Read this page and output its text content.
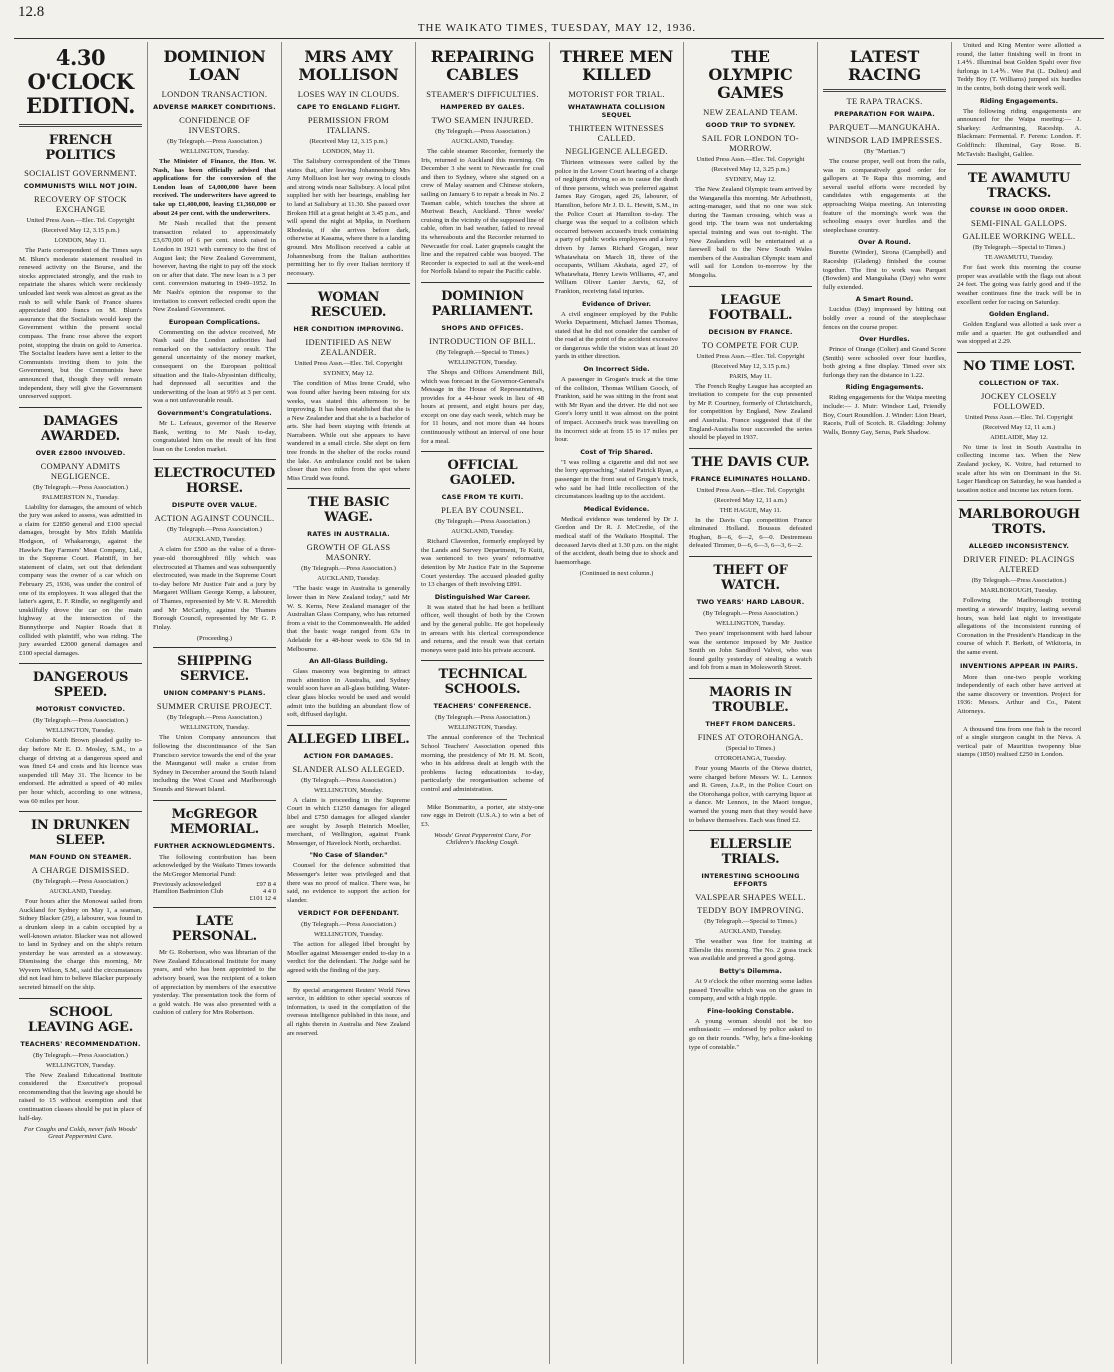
12.8
THE WAIKATO TIMES, TUESDAY, MAY 12, 1936.
4.30 O'CLOCK EDITION.
FRENCH POLITICS
SOCIALIST GOVERNMENT.
COMMUNISTS WILL NOT JOIN.
RECOVERY OF STOCK EXCHANGE
United Press Assn.—Elec. Tel. Copyright
(Received May 12, 3.15 p.m.)
LONDON, May 11.

The Paris correspondent of the Times says M. Blum's moderate statement resulted in renewed activity on the Bourse, and the stocks appreciated strongly, and the rush to repatriate the shares which were recklessly unloaded last week was almost as great as the rush to sell while Bank of France shares appreciated 800 francs on M. Blum's assurance that the Socialists would keep the Government within the present social compass. The franc rose above the export point, stopping the drain on gold to America. The Socialist leaders have sent a letter to the Communists inviting them to join the Government, but the Communists have announced that, though they will remain independent, they will give the Government unreserved support.

DAMAGES AWARDED.
OVER £2800 INVOLVED.
COMPANY ADMITS NEGLIGENCE.
(By Telegraph.—Press Association.)
PALMERSTON N., Tuesday.

Liability for damages, the amount of which the jury was asked to assess, was admitted in a claim for £2850 general and £100 special damages, brought by Mrs Edith Matilda Hodgson, of Whakarongo, against the Hawke's Bay Farmers' Meat Company, Ltd., in the Supreme Court. Plaintiff, in her statement of claim, set out that defendant company was the owner of a car which on February 25, 1936, was under the control of one of its employees. It was alleged that the latter's agent, E. F. Rindle, so negligently and unskilfully drove the car on the main highway at the intersection of the Bunnythorpe and Napier Roads that it collided with plaintiff, who was riding. The jury awarded £2000 general damages and £100 special damages.

DANGEROUS SPEED.
MOTORIST CONVICTED.
(By Telegraph.—Press Association.)
WELLINGTON, Tuesday.

Columbo Keith Brown pleaded guilty to-day before Mr E. D. Mosley, S.M., to a charge of driving at a dangerous speed and was fined £4 and costs and his licence was suspended till May 31. The licence to be endorsed. He admitted a speed of 40 miles per hour which, according to one witness, was 60 miles per hour.

IN DRUNKEN SLEEP.
MAN FOUND ON STEAMER.
A CHARGE DISMISSED.
(By Telegraph.—Press Association.)
AUCKLAND, Tuesday.

Four hours after the Monowai sailed from Auckland for Sydney on May 1, a seaman, Sidney Blacker (29), a labourer, was found in a drunken sleep in a cabin occupied by a well-known aviator. Blacker was not allowed to land in Sydney and on the ship's return yesterday he was arrested as a stowaway. Dismissing the charge this morning, Mr Wyvern Wilson, S.M., said the circumstances did not lead him to believe Blacker purposely secreted himself on the ship.

SCHOOL LEAVING AGE.
TEACHERS' RECOMMENDATION.
(By Telegraph.—Press Association.)
WELLINGTON, Tuesday.

The New Zealand Educational Institute considered the Executive's proposal recommending that the leaving age should be raised to 15 without exemption and that continuation classes should be put in place of half-day.

For Coughs and Colds, never fails Woods' Great Peppermint Cure.

DOMINION LOAN
LONDON TRANSACTION.
ADVERSE MARKET CONDITIONS.
CONFIDENCE OF INVESTORS.
(By Telegraph.—Press Association.)
WELLINGTON, Tuesday.

The Minister of Finance, the Hon. W. Nash, has been officially advised that applications for the conversion of the London loan of £4,000,000 have been received. The underwriters have agreed to take up £1,400,000, leaving £1,360,000 or about 24 per cent. with the underwriters.

Mr Nash recalled that the present transaction related to approximately £3,670,000 of 6 per cent. stock raised in London in 1921 with currency to the first of August last; the New Zealand Government, however, having the right to pay off the stock on or after that date. The new loan is a 3 per cent. conversion maturing in 1949–1952. In Mr Nash's opinion the response to the invitation to convert reflected credit upon the New Zealand Government.

European Complications.

Commenting on the advice received, Mr Nash said the London authorities had remarked on the satisfactory result. The general uncertainty of the money market, consequent on the European political situation and the Italo-Abyssinian difficulty, had depressed all securities and the underwriting of the loan at 99½ at 3 per cent. was a not unfavourable result.

Government's Congratulations.

Mr L. Lefeaux, governor of the Reserve Bank, writing to Mr Nash to-day, congratulated him on the result of his first loan on the London market.

ELECTROCUTED HORSE.
DISPUTE OVER VALUE.
ACTION AGAINST COUNCIL.
(By Telegraph.—Press Association.)
AUCKLAND, Tuesday.

A claim for £500 as the value of a three-year-old thoroughbred filly which was electrocuted at Thames and was subsequently electrocuted, was made in the Supreme Court to-day before Mr Justice Fair and a jury by Margaret William George Kemp, a labourer, of Thames, represented by Mr V. R. Meredith and Mr McCarthy, against the Thames Borough Council, represented by Mr G. P. Finlay.

(Proceeding.)
SHIPPING SERVICE.
UNION COMPANY'S PLANS.
SUMMER CRUISE PROJECT.
(By Telegraph.—Press Association.)
WELLINGTON, Tuesday.

The Union Company announces that following the discontinuance of the San Francisco service towards the end of the year the Maunganui will make a cruise from Sydney in December around the South Island including the West Coast and Marlborough Sounds and Stewart Island.

McGREGOR MEMORIAL.
FURTHER ACKNOWLEDGMENTS.

The following contribution has been acknowledged by the Waikato Times towards the McGregor Memorial Fund:

Previously acknowledged	£97 8 4
Hamilton Badminton Club	4 4 0
£101 12 4
LATE PERSONAL.

Mr G. Robertson, who was librarian of the New Zealand Educational Institute for many years, and who has been appointed to the advisory board, was the recipient of a token of appreciation by members of the executive yesterday. The presentation took the form of a gold watch. He was also presented with a cushion of cutlery for Mrs Robertson.

MRS AMY MOLLISON
LOSES WAY IN CLOUDS.
CAPE TO ENGLAND FLIGHT.
PERMISSION FROM ITALIANS.
(Received May 12, 3.15 p.m.)
LONDON, May 11.

The Salisbury correspondent of the Times states that, after leaving Johannesburg Mrs Amy Mollison lost her way owing to clouds and strong winds near Salisbury. A local pilot supplied her with her bearings, enabling her to land at Salisbury at 11.30. She passed over Broken Hill at a great height at 3.45 p.m., and will spend the night at Mpika, in Northern Rhodesia, if she arrives before dark, otherwise at Kasama, where there is a landing ground. Mrs Mollison received a cable at Johannesburg from the Italian authorities permitting her to fly over Italian territory if necessary.

WOMAN RESCUED.
HER CONDITION IMPROVING.
IDENTIFIED AS NEW ZEALANDER.
United Press Assn.—Elec. Tel. Copyright
SYDNEY, May 12.

The condition of Miss Irene Crudd, who was found after having been missing for six weeks, was stated this afternoon to be improving. It has been established that she is a New Zealander and that she is a bachelor of arts. She had been staying with friends at Narrabeen. While out she appears to have wandered in a small circle. She slept on fern tree fronds in the shelter of the rocks round the lake. An ambulance could not be taken closer than two miles from the spot where Miss Crudd was found.

THE BASIC WAGE.
RATES IN AUSTRALIA.
GROWTH OF GLASS MASONRY.
(By Telegraph.—Press Association.)
AUCKLAND, Tuesday.

"The basic wage in Australia is generally lower than in New Zealand today," said Mr W. S. Kerns, New Zealand manager of the Australian Glass Company, who has returned from a visit to the Commonwealth. He added that the basic wage ranged from 63s in Adelaide for a 48-hour week to 63s 9d in Melbourne.

An All-Glass Building.

Glass masonry was beginning to attract much attention in Australia, and Sydney would soon have an all-glass building. Water-clear glass blocks would be used and would admit into the building an abundant flow of soft, diffused daylight.

ALLEGED LIBEL.
ACTION FOR DAMAGES.
SLANDER ALSO ALLEGED.
(By Telegraph.—Press Association.)
WELLINGTON, Monday.

A claim is proceeding in the Supreme Court in which £1250 damages for alleged libel and £750 damages for alleged slander are sought by Joseph Heinrich Moeller, merchant, of Wellington, against Frank Messenger, of Havelock North, orchardist.

"No Case of Slander."

Counsel for the defence submitted that Messenger's letter was privileged and that there was no proof of malice. There was, he said, no evidence to support the action for slander.

VERDICT FOR DEFENDANT.
(By Telegraph.—Press Association.)
WELLINGTON, Tuesday.

The action for alleged libel brought by Moeller against Messenger ended to-day in a verdict for the defendant. The Judge said he agreed with the finding of the jury.

By special arrangement Reuters' World News service, in addition to other special sources of information, is used in the compilation of the overseas intelligence published in this issue, and all rights therein in Australia and New Zealand are reserved.

REPAIRING CABLES
STEAMER'S DIFFICULTIES.
HAMPERED BY GALES.
TWO SEAMEN INJURED.
(By Telegraph.—Press Association.)
AUCKLAND, Tuesday.

The cable steamer Recorder, formerly the Iris, returned to Auckland this morning. On December 3 she went to Newcastle for coal and then to Sydney, where she signed on a crew of Malay seamen and Chinese stokers, sailing on January 6 to repair a break in No. 2 Tasman cable, which touches the shore at Muriwai Beach, Auckland. Three weeks' cruising in the vicinity of the supposed line of cable, often in bad weather, failed to reveal its whereabouts and the Recorder returned to Newcastle for coal. Later grapnels caught the line and the repaired cable was buoyed. The Recorder is expected to sail at the week-end for Norfolk Island to repair the Pacific cable.

DOMINION PARLIAMENT.
SHOPS AND OFFICES.
INTRODUCTION OF BILL.
(By Telegraph.—Special to Times.)
WELLINGTON, Tuesday.

The Shops and Offices Amendment Bill, which was forecast in the Governor-General's Message in the House of Representatives, provides for a 44-hour week in lieu of 48 hours at present, and eight hours per day, except on one day each week, which may be for 11 hours, and not more than 44 hours continuously without an interval of one hour for a meal.

OFFICIAL GAOLED.
CASE FROM TE KUITI.
PLEA BY COUNSEL.
(By Telegraph.—Press Association.)
AUCKLAND, Tuesday.

Richard Claverdon, formerly employed by the Lands and Survey Department, Te Kuiti, was sentenced to two years' reformative detention by Mr Justice Fair in the Supreme Court yesterday. The accused pleaded guilty to 13 charges of theft involving £891.

Distinguished War Career.

It was stated that he had been a brilliant officer, well thought of both by the Crown and by the general public. He got hopelessly in arrears with his clerical correspondence and returns, and the result was that certain moneys were paid into his private account.

TECHNICAL SCHOOLS.
TEACHERS' CONFERENCE.
(By Telegraph.—Press Association.)
WELLINGTON, Tuesday.

The annual conference of the Technical School Teachers' Association opened this morning, the presidency of Mr H. M. Scott, who in his address dealt at length with the problems facing educationists to-day, particularly the reorganisation scheme of control and administration.

Mike Bommarito, a porter, ate sixty-one raw eggs in Detroit (U.S.A.) to win a bet of £3.

Woods' Great Peppermint Cure, For Children's Hacking Cough.

THREE MEN KILLED
MOTORIST FOR TRIAL.
WHATAWHATA COLLISION SEQUEL
THIRTEEN WITNESSES CALLED.
NEGLIGENCE ALLEGED.

Thirteen witnesses were called by the police in the Lower Court hearing of a charge of negligent driving so as to cause the death of three persons, which was preferred against James Ray Grogan, aged 26, labourer, of Hamilton, before Mr J. D. L. Hewitt, S.M., in the Police Court at Hamilton to-day. The charge was the sequel to a collision which occurred between accused's truck containing a party of public works employees and a lorry driven by James Richard Grogan, near Whatawhata on March 18, three of the occupants, William Akuhata, aged 27, of Whatawhata, Henry Lewis Williams, 47, and William Oliver Lanier Jarvis, 62, of Frankton, receiving fatal injuries.

Evidence of Driver.

A civil engineer employed by the Public Works Department, Michael James Thomas, stated that he did not consider the camber of the road at the point of the accident excessive or dangerous while the vision was at least 20 yards in either direction.

On Incorrect Side.

A passenger in Grogan's truck at the time of the collision, Thomas William Gooch, of Frankton, said he was sitting in the front seat with Mr Ryan and the driver. He did not see Gore's lorry until it was almost on the point of impact. Accused's truck was travelling on its incorrect side at from 15 to 17 miles per hour.

Cost of Trip Shared.

"I was rolling a cigarette and did not see the lorry approaching," stated Patrick Ryan, a passenger in the front seat of Grogan's truck, who said he had little recollection of the circumstances leading up to the accident.

Medical Evidence.

Medical evidence was tendered by Dr J. Gordon and Dr R. J. McCredie, of the medical staff of the Waikato Hospital. The deceased Jarvis died at 1.30 p.m. on the night of the accident, death being due to shock and haemorrhage.

(Continued in next column.)
THE OLYMPIC GAMES
NEW ZEALAND TEAM.
GOOD TRIP TO SYDNEY.
SAIL FOR LONDON TO-MORROW.
United Press Assn.—Elec. Tel. Copyright
(Received May 12, 3.25 p.m.)
SYDNEY, May 12.

The New Zealand Olympic team arrived by the Wanganella this morning. Mr Arbuthnott, acting-manager, said that no one was sick during the Tasman crossing, which was a good trip. The team was not undertaking special training and was out to-night. The New Zealanders will be entertained at a farewell ball to the New South Wales members of the Australian Olympic team and will sail for London to-morrow by the Mongolia.

LEAGUE FOOTBALL.
DECISION BY FRANCE.
TO COMPETE FOR CUP.
United Press Assn.—Elec. Tel. Copyright
(Received May 12, 3.15 p.m.)
PARIS, May 11.

The French Rugby League has accepted an invitation to compete for the cup presented by Mr P. Courtney, formerly of Christchurch, for competition by England, New Zealand and Australia. France suggested that if the England-Australia tour succeeded the series should be played in 1937.

THE DAVIS CUP.
FRANCE ELIMINATES HOLLAND.
United Press Assn.—Elec. Tel. Copyright
(Received May 12, 11 a.m.)
THE HAGUE, May 11.

In the Davis Cup competition France eliminated Holland. Boussus defeated Hughan, 8—6, 6—2, 6—0. Destremeau defeated Timmer, 0—6, 6—3, 6—3, 6—2.

THEFT OF WATCH.
TWO YEARS' HARD LABOUR.
(By Telegraph.—Press Association.)
WELLINGTON, Tuesday.

Two years' imprisonment with hard labour was the sentence imposed by Mr Justice Smith on John Sandford Valvoi, who was found guilty yesterday of stealing a watch and fob from a man in Molesworth Street.

MAORIS IN TROUBLE.
THEFT FROM DANCERS.
FINES AT OTOROHANGA.
(Special to Times.)
OTOROHANGA, Tuesday.

Four young Maoris of the Otewa district, were charged before Messrs W. L. Lennox and R. Green, J.s.P., in the Police Court on the Otorohanga police, with carrying liquor at a dance. Mr Lennox, in the Maori tongue, warned the young men that they would have to behave themselves. Each was fined £2.

ELLERSLIE TRIALS.
INTERESTING SCHOOLING EFFORTS
VALSPEAR SHAPES WELL.
TEDDY BOY IMPROVING.
(By Telegraph.—Special to Times.)
AUCKLAND, Tuesday.

The weather was fine for training at Ellerslie this morning. The No. 2 grass track was available and proved a good going.

Betty's Dilemma.

At 9 o'clock the other morning some ladies passed Trevallie which was on the grass in company, and with a high ripple.

Fine-looking Constable.

A young woman should not be too enthusiastic — endorsed by police asked to go on their rounds. "Why, he's a fine-looking type of constable."

LATEST RACING
TE RAPA TRACKS.
PREPARATION FOR WAIPA.
PARQUET—MANGUKAHA.
WINDSOR LAD IMPRESSES.
(By "Martian.")

The course proper, well out from the rails, was in comparatively good order for gallopers at Te Rapa this morning, and several useful efforts were recorded by candidates with engagements at the approaching Waipa meeting. An interesting feature of the morning's work was the schooling essays over hurdles and the steeplechase country.

Over A Round.

Burette (Winder), Sirona (Campbell) and Raceship (Gladeng) finished the course together. The first to work was Parquet (Bowden) and Mangukaha (Day) who were fully extended.

A Smart Round.

Lucidus (Day) impressed by hitting out boldly over a round of the steeplechase fences on the course proper.

Over Hurdles.

Prince of Orange (Colter) and Grand Score (Smith) were schooled over four hurdles, both giving a fine display. Timed over six furlongs they ran the distance in 1.22.

Riding Engagements.

Riding engagements for the Waipa meeting include:— J. Muir: Windsor Lad, Friendly Boy, Court Roundilon. J. Winder: Lion Heart, Raceis, Full of Scotch. R. Gladding: Johnny Walls, Bonny Gay, Serus, Park Shadow.

United and King Mentor were allotted a round, the latter finishing well in front in 1.4⅘. Illuminal beat Golden Spahi over five furlongs in 1.4⅗. Wee Pat (L. Dulieu) and Teddy Boy (T. Williams) jumped six hurdles in the centre, both doing their work well.

Riding Engagements.

The following riding engagements are announced for the Waipa meeting:— J. Sharkey: Ardmanning, Raceship. A. Blackman: Fermental. F. Ferens: London. F. Goldfinch: Illuminal, Gay Rose. B. McTavish: Baslight, Galilee.

TE AWAMUTU TRACKS.
COURSE IN GOOD ORDER.
SEMI-FINAL GALLOPS.
GALILEE WORKING WELL.
(By Telegraph.—Special to Times.)
TE AWAMUTU, Tuesday.

For fast work this morning the course proper was available with the flags out about 24 feet. The going was fairly good and if the weather continues fine the track will be in excellent order for racing on Saturday.

Golden England.

Golden England was allotted a task over a mile and a quarter. He got outhandled and was stopped at 2.29.

NO TIME LOST.
COLLECTION OF TAX.
JOCKEY CLOSELY FOLLOWED.
United Press Assn.—Elec. Tel. Copyright
(Received May 12, 11 a.m.)
ADELAIDE, May 12.

No time is lost in South Australia in collecting income tax. When the New Zealand jockey, K. Voitre, had returned to scale after his win on Dominant in the St. Leger Handicap on Saturday, he was handed a taxation notice and income tax return form.

MARLBOROUGH TROTS.
ALLEGED INCONSISTENCY.
DRIVER FINED: PLACINGS ALTERED
(By Telegraph.—Press Association.)
MARLBOROUGH, Tuesday.

Following the Marlborough trotting meeting a stewards' inquiry, lasting several hours, was held last night to investigate allegations of the inconsistent running of Coronation in the President's Handicap in the course of which F. Berkett, of Wikitoria, in the same event.

INVENTIONS APPEAR IN PAIRS.

More than one-two people working independently of each other have arrived at the same discovery or invention. Project for 1936: Messrs. Arthur and Co., Patent Attorneys.

A thousand tins from one fish is the record of a single sturgeon caught in the Neva. A vertical pair of Mauritius twopenny blue stamps (1850) realised £250 in London.
